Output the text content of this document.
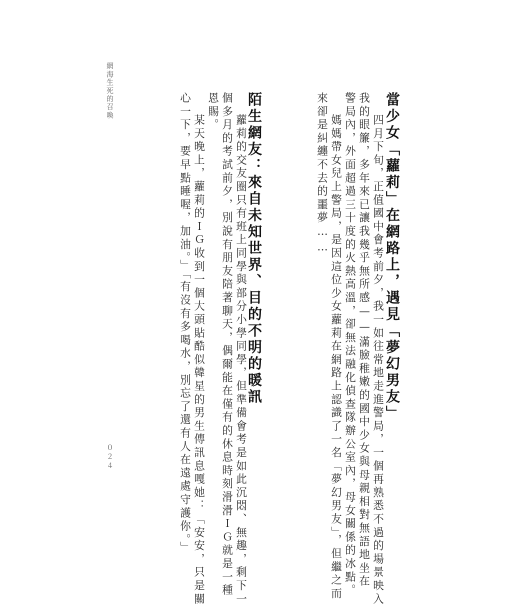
網海生死的召喚
當少女「蘿莉」在網路上，遇見「夢幻男友」
四月下旬，正值國中會考前夕，我一如往常地走進警局，一個再熟悉不過的場景映入
我的眼簾，多年來已讓我幾乎無所感——滿臉稚嫩的國中少女與母親相對無語地坐在
警局內，外面超過三十度的火熱高溫，卻無法融化偵查隊辦公室內，母女關係的冰點。
媽媽帶女兒上警局，是因這位少女蘿莉在網路上認識了一名「夢幻男友」，但繼之而
來卻是糾纏不去的噩夢……
陌生網友：來自未知世界、目的不明的暖訊
蘿莉的交友圈只有班上同學與部分小學同學，但準備會考是如此沉悶、無趣，剩下一
個多月的考試前夕，別說有朋友陪著聊天，偶爾能在僅有的休息時刻滑滑ＩＧ就是一種
恩賜。
某天晚上，蘿莉的ＩＧ收到一個大頭貼酷似韓星的男生傳訊息嘎她：「安安，只是關
心一下，要早點睡喔，加油。」「有沒有多喝水，別忘了還有人在遠處守護你。」
０２４
